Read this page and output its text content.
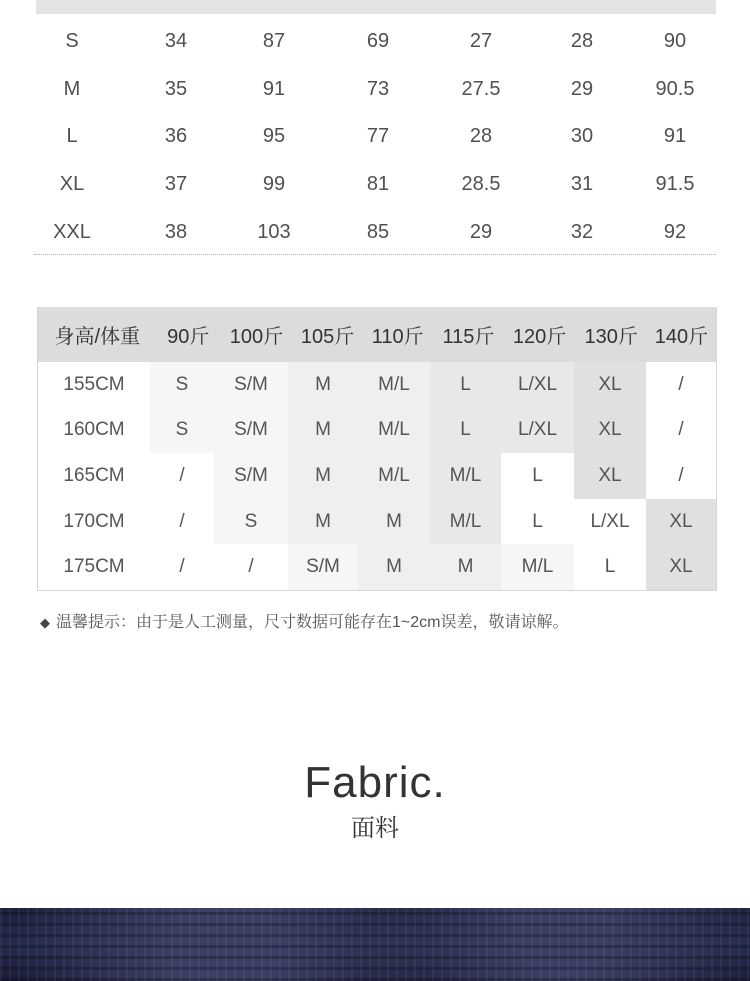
S	34	87	69	27	28	90
M	35	91	73	27.5	29	90.5
L	36	95	77	28	30	91
XL	37	99	81	28.5	31	91.5
XXL	38	103	85	29	32	92
身高/体重	90斤	100斤 105斤 110斤 115斤 120斤 130斤 140斤
155CM	S	S/M	M	M/L	L	L/XL	XL	/
160CM	S	S/M	M	M/L	L	L/XL	XL	/
165CM	/	S/M	M	M/L	M/L	L	XL	/
170CM	/	S	M	M	M/L	L	L/XL	XL
175CM	/	/	S/M	M	M	M/L	L	XL
◆ 温馨提示：由于是人工测量，尺寸数据可能存在1~2cm误差，敬请谅解。
Fabric.
面料
